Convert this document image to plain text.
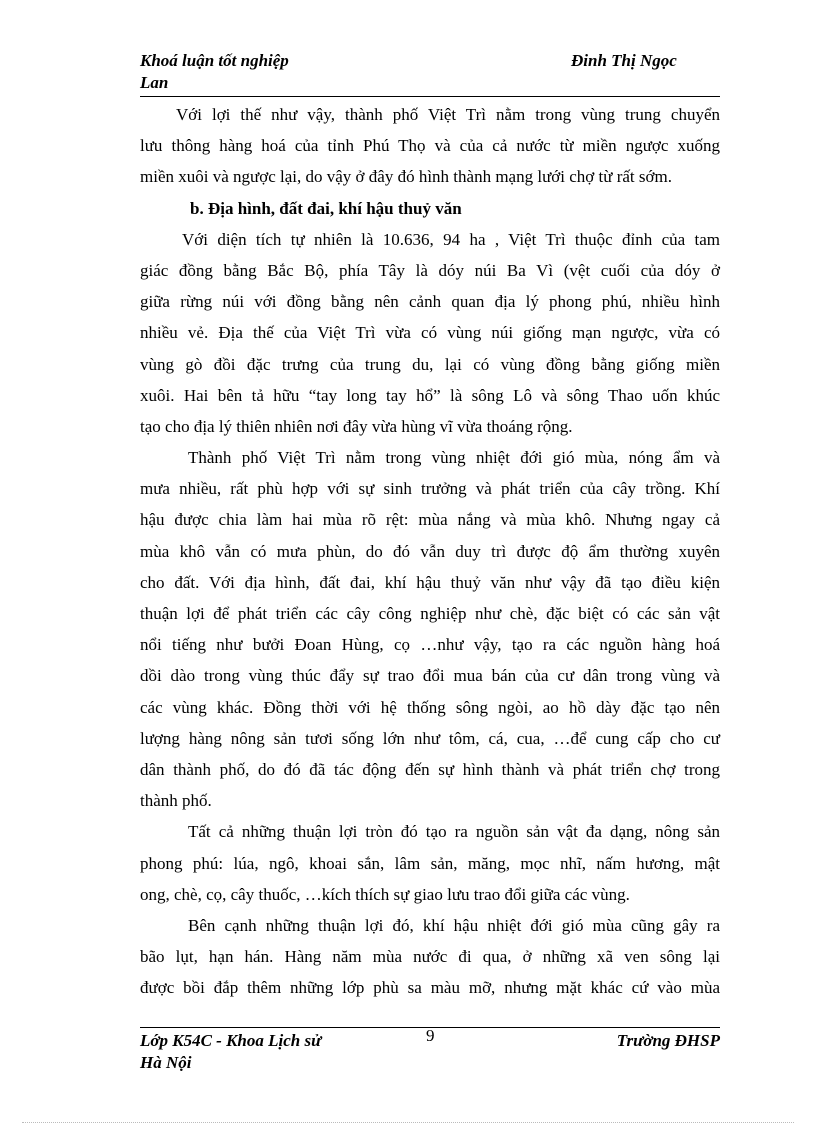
Khoá luận tốt nghiệp	Đinh Thị Ngọc
Lan
Với lợi thế như vậy, thành phố Việt Trì nằm trong vùng trung chuyển
lưu thông hàng hoá của tỉnh Phú Thọ và của cả nước từ miền ngược xuống
miền xuôi và ngược lại, do vậy ở đây đó hình thành mạng lưới chợ từ rất sớm.
b. Địa hình, đất đai, khí hậu thuỷ văn
Với diện tích tự nhiên là 10.636, 94 ha , Việt Trì thuộc đỉnh của tam
giác đồng bằng Bắc Bộ, phía Tây là dóy núi Ba Vì (vệt cuối của dóy ở
giữa rừng núi với đồng bằng nên cảnh quan địa lý phong phú, nhiều hình
nhiều vẻ. Địa thế của Việt Trì vừa có vùng núi giống mạn ngược, vừa có
vùng gò đồi đặc trưng của trung du, lại có vùng đồng bằng giống miền
xuôi. Hai bên tả hữu “tay long tay hổ” là sông Lô và sông Thao uốn khúc
tạo cho địa lý thiên nhiên nơi đây vừa hùng vĩ vừa thoáng rộng.
Thành phố Việt Trì nằm trong vùng nhiệt đới gió mùa, nóng ẩm và
mưa nhiều, rất phù hợp với sự sinh trưởng và phát triển của cây trồng. Khí
hậu được chia làm hai mùa rõ rệt: mùa nắng và mùa khô. Nhưng ngay cả
mùa khô vẫn có mưa phùn, do đó vẫn duy trì được độ ẩm thường xuyên
cho đất. Với địa hình, đất đai, khí hậu thuỷ văn như vậy đã tạo điều kiện
thuận lợi để phát triển các cây công nghiệp như chè, đặc biệt có các sản vật
nổi tiếng như bưởi Đoan Hùng, cọ …như vậy, tạo ra các nguồn hàng hoá
dồi dào trong vùng thúc đẩy sự trao đổi mua bán của cư dân trong vùng và
các vùng khác. Đồng thời với hệ thống sông ngòi, ao hồ dày đặc tạo nên
lượng hàng nông sản tươi sống lớn như tôm, cá, cua, …để cung cấp cho cư
dân thành phố, do đó đã tác động đến sự hình thành và phát triển chợ trong
thành phố.
Tất cả những thuận lợi tròn đó tạo ra nguồn sản vật đa dạng, nông sản
phong phú: lúa, ngô, khoai sắn, lâm sản, măng, mọc nhĩ, nấm hương, mật
ong, chè, cọ, cây thuốc, …kích thích sự giao lưu trao đổi giữa các vùng.
Bên cạnh những thuận lợi đó, khí hậu nhiệt đới gió mùa cũng gây ra
bão lụt, hạn hán. Hàng năm mùa nước đi qua, ở những xã ven sông lại
được bồi đắp thêm những lớp phù sa màu mỡ, nhưng mặt khác cứ vào mùa
9
Lớp K54C - Khoa Lịch sử	Trường ĐHSP
Hà Nội
